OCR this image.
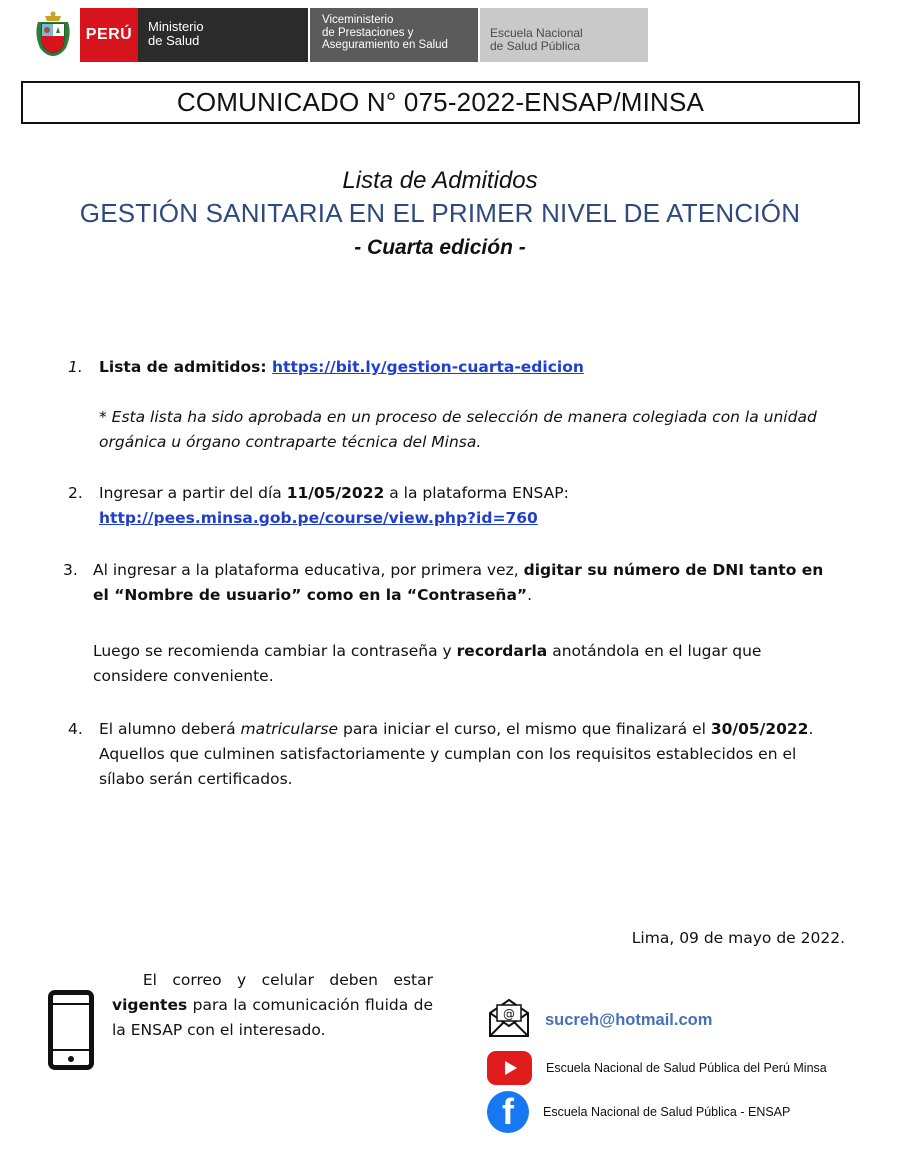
PERÚ	Ministerio
de Salud
Viceministerio
de Prestaciones y
Aseguramiento en Salud
Escuela Nacional
de Salud Pública
COMUNICADO N° 075-2022-ENSAP/MINSA
Lista de Admitidos
GESTIÓN SANITARIA EN EL PRIMER NIVEL DE ATENCIÓN
- Cuarta edición -
1. Lista de admitidos: https://bit.ly/gestion-cuarta-edicion
* Esta lista ha sido aprobada en un proceso de selección de manera colegiada con la unidad
orgánica u órgano contraparte técnica del Minsa.
2. Ingresar a partir del día 11/05/2022 a la plataforma ENSAP:
http://pees.minsa.gob.pe/course/view.php?id=760
3. Al ingresar a la plataforma educativa, por primera vez, digitar su número de DNI tanto en
el “Nombre de usuario” como en la “Contraseña”.
Luego se recomienda cambiar la contraseña y recordarla anotándola en el lugar que
considere conveniente.
4. El alumno deberá matricularse para iniciar el curso, el mismo que finalizará el 30/05/2022.
Aquellos que culminen satisfactoriamente y cumplan con los requisitos establecidos en el
sílabo serán certificados.
Lima, 09 de mayo de 2022.
El correo y celular deben estar vigentes para la comunicación fluida de la ENSAP con el interesado.
@ sucreh@hotmail.com
Escuela Nacional de Salud Pública del Perú Minsa
f	Escuela Nacional de Salud Pública - ENSAP
